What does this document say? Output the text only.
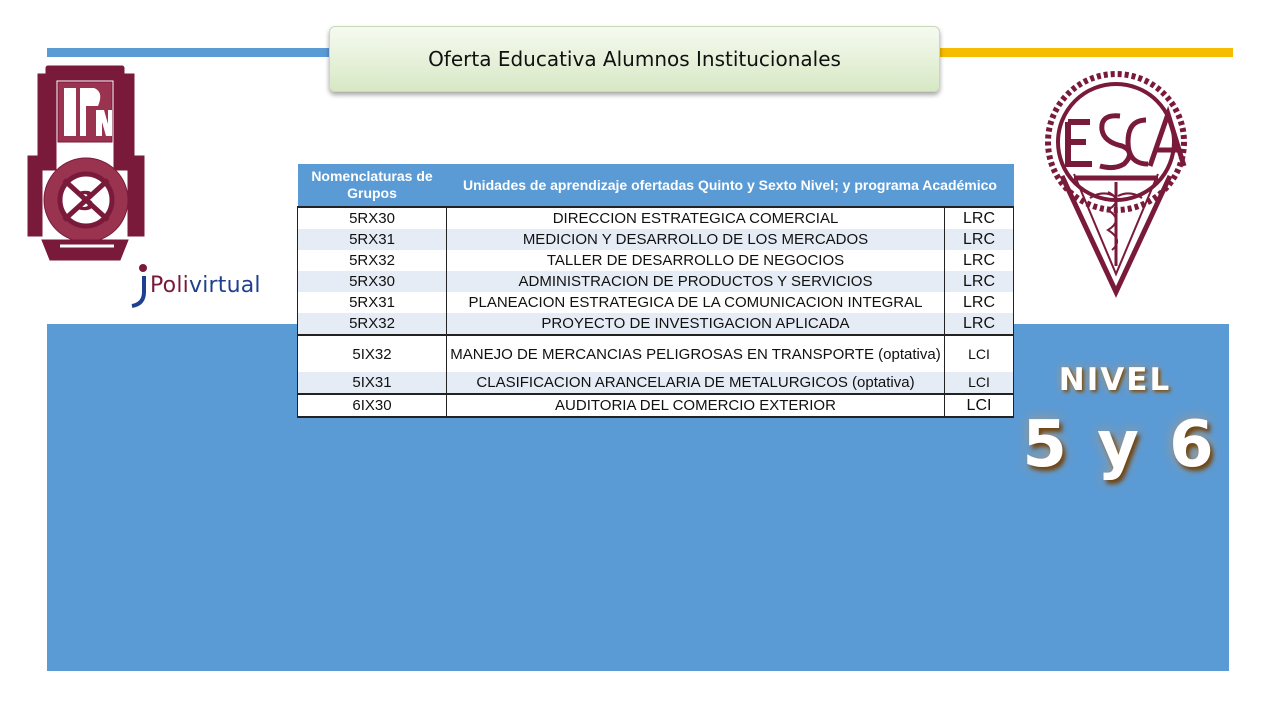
Oferta Educativa Alumnos Institucionales
3
Polivirtual
NIVEL
5 y 6
Nomenclaturas de Grupos	Unidades de aprendizaje ofertadas Quinto y Sexto Nivel; y programa Académico	
5RX30	DIRECCION ESTRATEGICA COMERCIAL	LRC
5RX31	MEDICION Y DESARROLLO DE LOS MERCADOS	LRC
5RX32	TALLER DE DESARROLLO DE NEGOCIOS	LRC
5RX30	ADMINISTRACION DE PRODUCTOS Y SERVICIOS	LRC
5RX31	PLANEACION ESTRATEGICA DE LA COMUNICACION INTEGRAL	LRC
5RX32	PROYECTO DE INVESTIGACION APLICADA	LRC
5IX32	MANEJO DE MERCANCIAS PELIGROSAS EN TRANSPORTE (optativa)	LCI
5IX31	CLASIFICACION ARANCELARIA DE METALURGICOS (optativa)	LCI
6IX30	AUDITORIA DEL COMERCIO EXTERIOR	LCI
